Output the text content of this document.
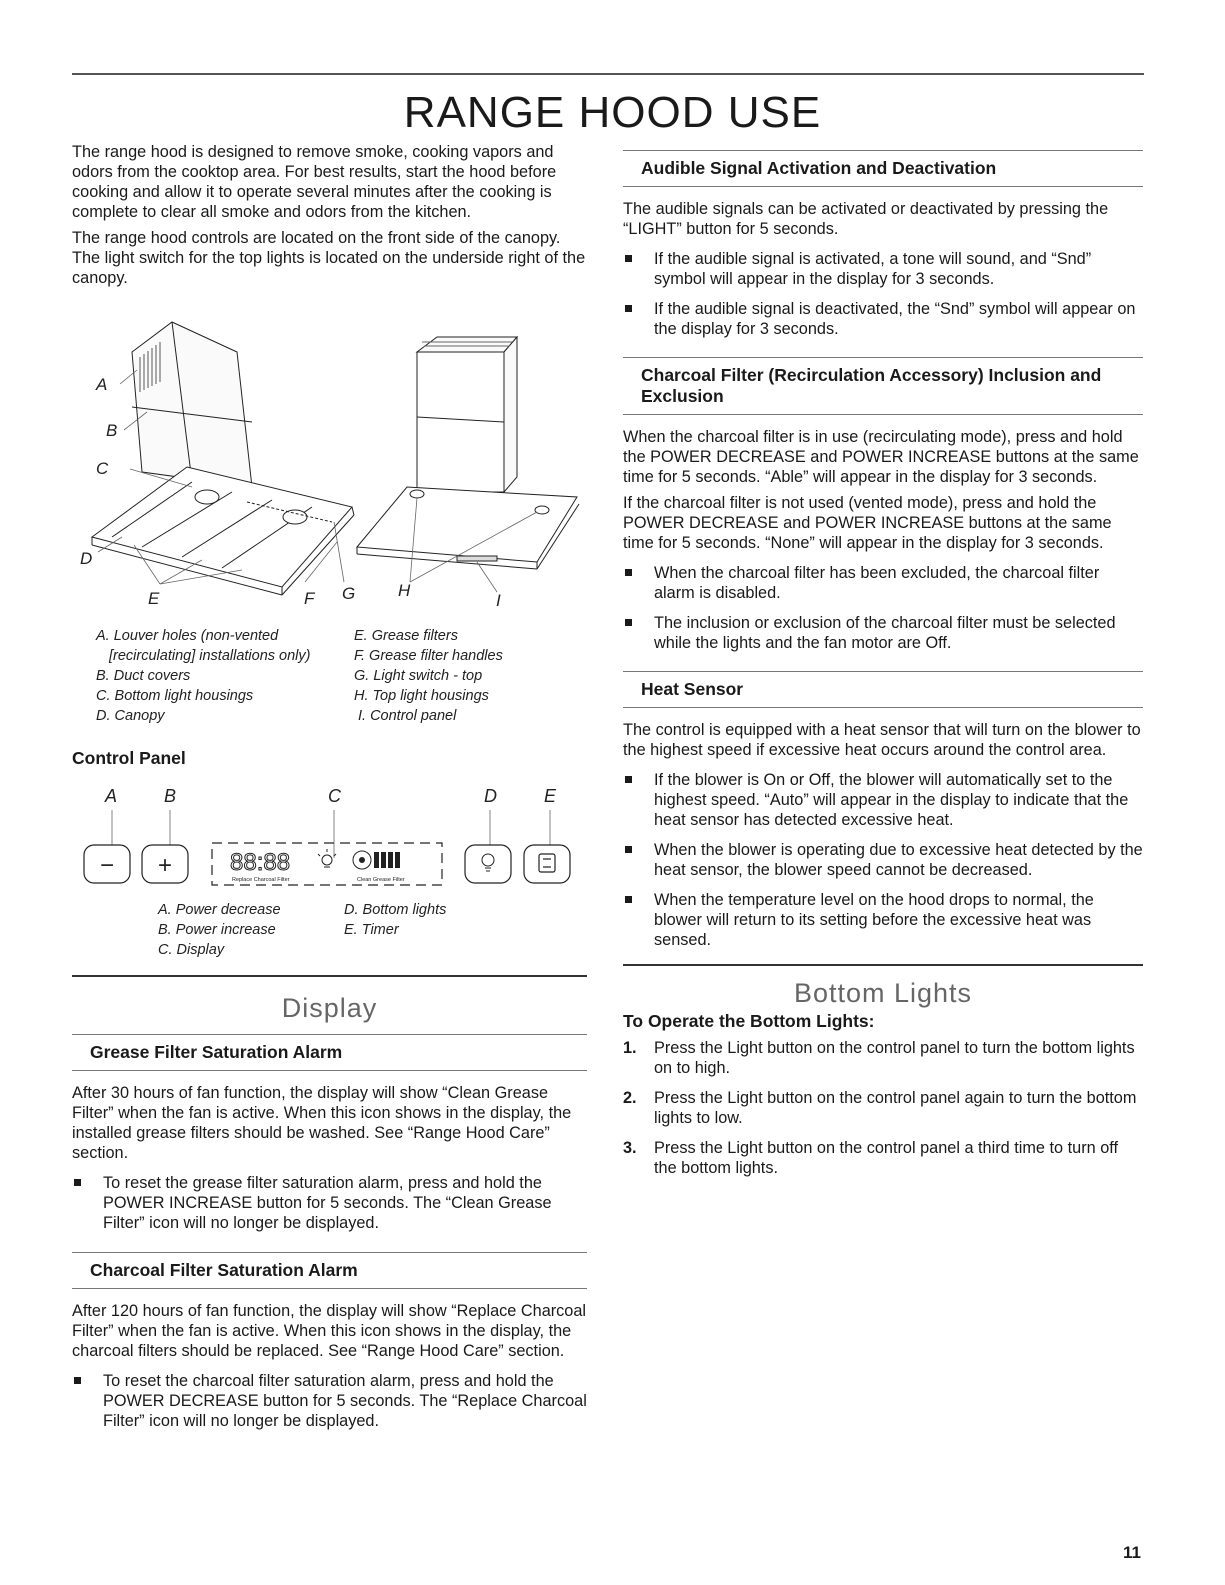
RANGE HOOD USE

The range hood is designed to remove smoke, cooking vapors and odors from the cooktop area. For best results, start the hood before cooking and allow it to operate several minutes after the cooking is complete to clear all smoke and odors from the kitchen.

The range hood controls are located on the front side of the canopy. The light switch for the top lights is located on the underside right of the canopy.

A
B
C
D
E	F G	H
I
A. Louver holes (non-vented
[recirculating] installations only)
B. Duct covers
C. Bottom light housings
D. Canopy
E. Grease filters
F. Grease filter handles
G. Light switch - top
H. Top light housings
I. Control panel
Control Panel
A	B	C	D	E
− + 88:88
Replace Charcoal Filter	Clean Grease Filter
A. Power decrease
B. Power increase
C. Display
D. Bottom lights
E. Timer
Display
Grease Filter Saturation Alarm

After 30 hours of fan function, the display will show “Clean Grease Filter” when the fan is active. When this icon shows in the display, the installed grease filters should be washed. See “Range Hood Care” section.

To reset the grease filter saturation alarm, press and hold the POWER INCREASE button for 5 seconds. The “Clean Grease Filter” icon will no longer be displayed.
Charcoal Filter Saturation Alarm

After 120 hours of fan function, the display will show “Replace Charcoal Filter” when the fan is active. When this icon shows in the display, the charcoal filters should be replaced. See “Range Hood Care” section.

To reset the charcoal filter saturation alarm, press and hold the POWER DECREASE button for 5 seconds. The “Replace Charcoal Filter” icon will no longer be displayed.
Audible Signal Activation and Deactivation

The audible signals can be activated or deactivated by pressing the “LIGHT” button for 5 seconds.

If the audible signal is activated, a tone will sound, and “Snd” symbol will appear in the display for 3 seconds.
If the audible signal is deactivated, the “Snd” symbol will appear on the display for 3 seconds.
Charcoal Filter (Recirculation Accessory) Inclusion and Exclusion

When the charcoal filter is in use (recirculating mode), press and hold the POWER DECREASE and POWER INCREASE buttons at the same time for 5 seconds. “Able” will appear in the display for 3 seconds.

If the charcoal filter is not used (vented mode), press and hold the POWER DECREASE and POWER INCREASE buttons at the same time for 5 seconds. “None” will appear in the display for 3 seconds.

When the charcoal filter has been excluded, the charcoal filter alarm is disabled.
The inclusion or exclusion of the charcoal filter must be selected while the lights and the fan motor are Off.
Heat Sensor

The control is equipped with a heat sensor that will turn on the blower to the highest speed if excessive heat occurs around the control area.

If the blower is On or Off, the blower will automatically set to the highest speed. “Auto” will appear in the display to indicate that the heat sensor has detected excessive heat.
When the blower is operating due to excessive heat detected by the heat sensor, the blower speed cannot be decreased.
When the temperature level on the hood drops to normal, the blower will return to its setting before the excessive heat was sensed.
Bottom Lights
To Operate the Bottom Lights:
1. Press the Light button on the control panel to turn the bottom lights on to high.
2. Press the Light button on the control panel again to turn the bottom lights to low.
3. Press the Light button on the control panel a third time to turn off the bottom lights.
11
